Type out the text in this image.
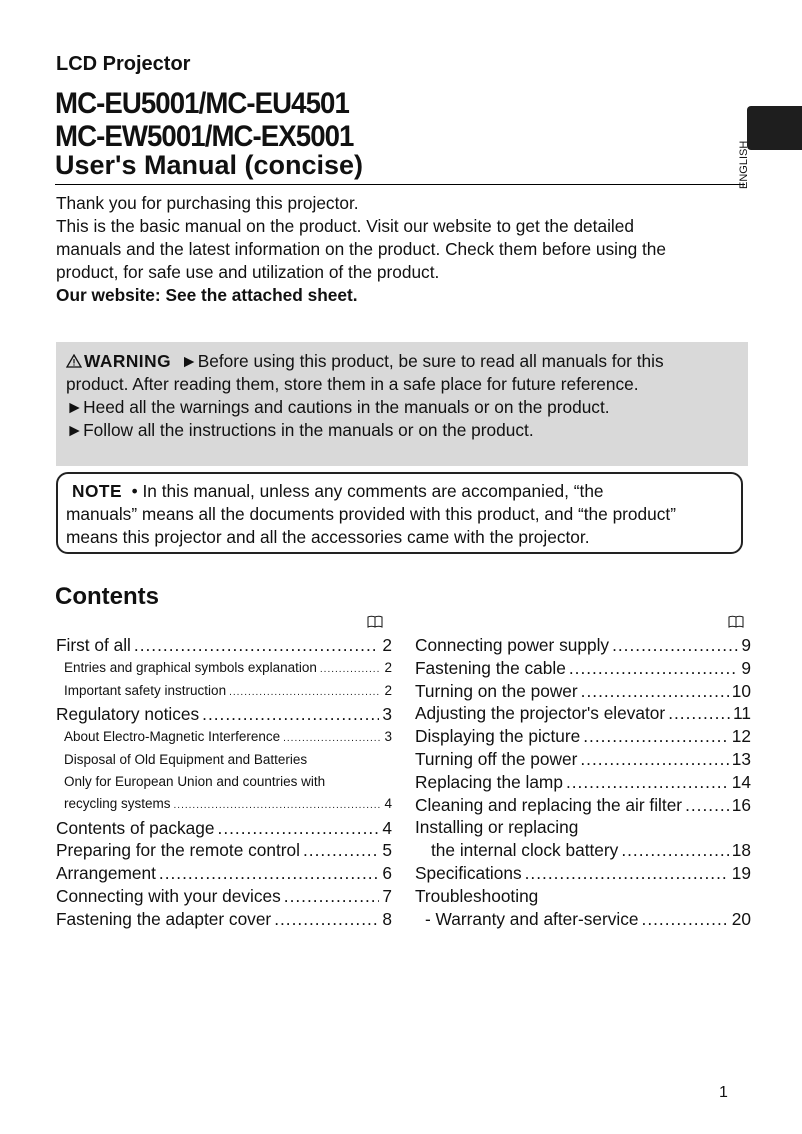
LCD Projector
MC-EU5001/MC-EU4501
MC-EW5001/MC-EX5001
User's Manual (concise)	ENGLISH

Thank you for purchasing this projector.

This is the basic manual on the product. Visit our website to get the detailed

manuals and the latest information on the product. Check them before using the

product, for safe use and utilization of the product.

Our website: See the attached sheet.

WARNING ►Before using this product, be sure to read all manuals for this

product. After reading them, store them in a safe place for future reference.

►Heed all the warnings and cautions in the manuals or on the product.

►Follow all the instructions in the manuals or on the product.

NOTE • In this manual, unless any comments are accompanied, “the

manuals” means all the documents provided with this product, and “the product”

means this projector and all the accessories came with the projector.

Contents
First of all .....	2
Entries and graphical symbols explanation .....	2
Important safety instruction .....	2
Regulatory notices .....	3
About Electro-Magnetic Interference .....	3
Disposal of Old Equipment and Batteries
Only for European Union and countries with
recycling systems .....	4
Contents of package .....	4
Preparing for the remote control .....	5
Arrangement .....	6
Connecting with your devices .....	7
Fastening the adapter cover .....	8
Connecting power supply .....	9
Fastening the cable .....	9
Turning on the power .....	10
Adjusting the projector's elevator .....	11
Displaying the picture .....	12
Turning off the power .....	13
Replacing the lamp .....	14
Cleaning and replacing the air filter .....	16
Installing or replacing
the internal clock battery .....	18
Specifications .....	19
Troubleshooting
- Warranty and after-service .....	20
1
